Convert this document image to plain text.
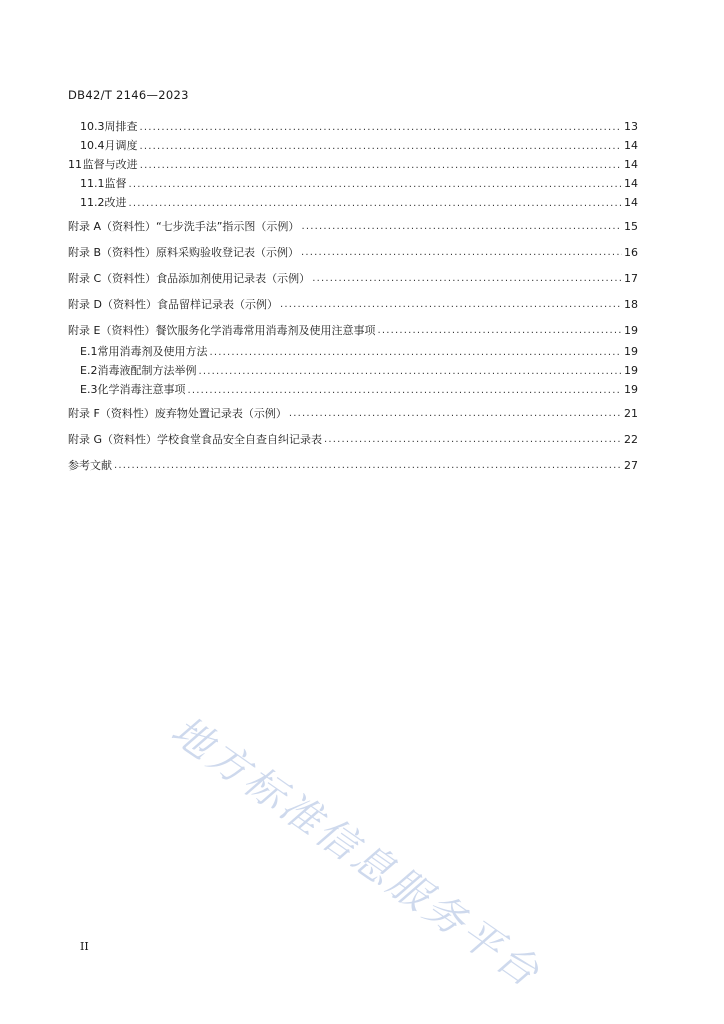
DB42/T 2146—2023
10.3 周排查 .....	13
10.4 月调度 .....	14
11 监督与改进 .....	14
11.1 监督 .....	14
11.2 改进 .....	14
附录 A（资料性） “七步洗手法”指示图（示例） .....	15
附录 B（资料性） 原料采购验收登记表（示例） .....	16
附录 C（资料性） 食品添加剂使用记录表（示例） .....	17
附录 D（资料性） 食品留样记录表（示例） .....	18
附录 E（资料性） 餐饮服务化学消毒常用消毒剂及使用注意事项 .....	19
E.1 常用消毒剂及使用方法 .....	19
E.2 消毒液配制方法举例 .....	19
E.3 化学消毒注意事项 .....	19
附录 F（资料性） 废弃物处置记录表（示例） .....	21
附录 G（资料性） 学校食堂食品安全自查自纠记录表 .....	22
参考文献 .....	27
地方标准信息服务平台
II
